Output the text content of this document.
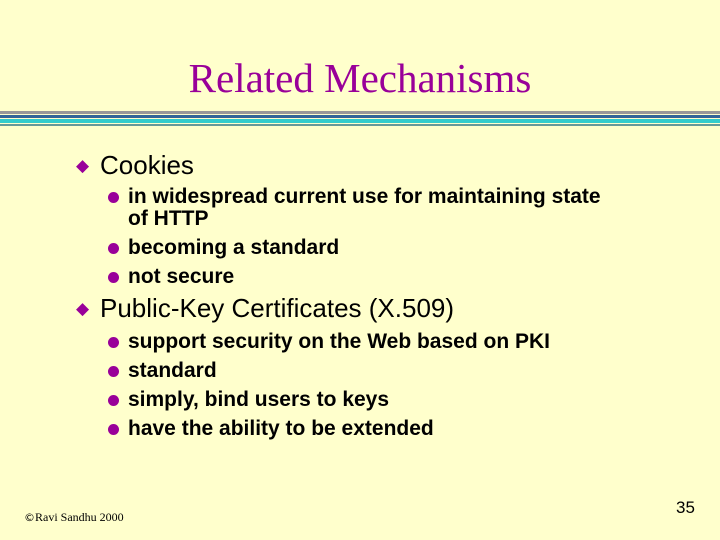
Related Mechanisms
◆ Cookies
in widespread current use for maintaining state
of HTTP
becoming a standard
not secure
◆ Public-Key Certificates (X.509)
support security on the Web based on PKI
standard
simply, bind users to keys
have the ability to be extended
©Ravi Sandhu 2000	35
